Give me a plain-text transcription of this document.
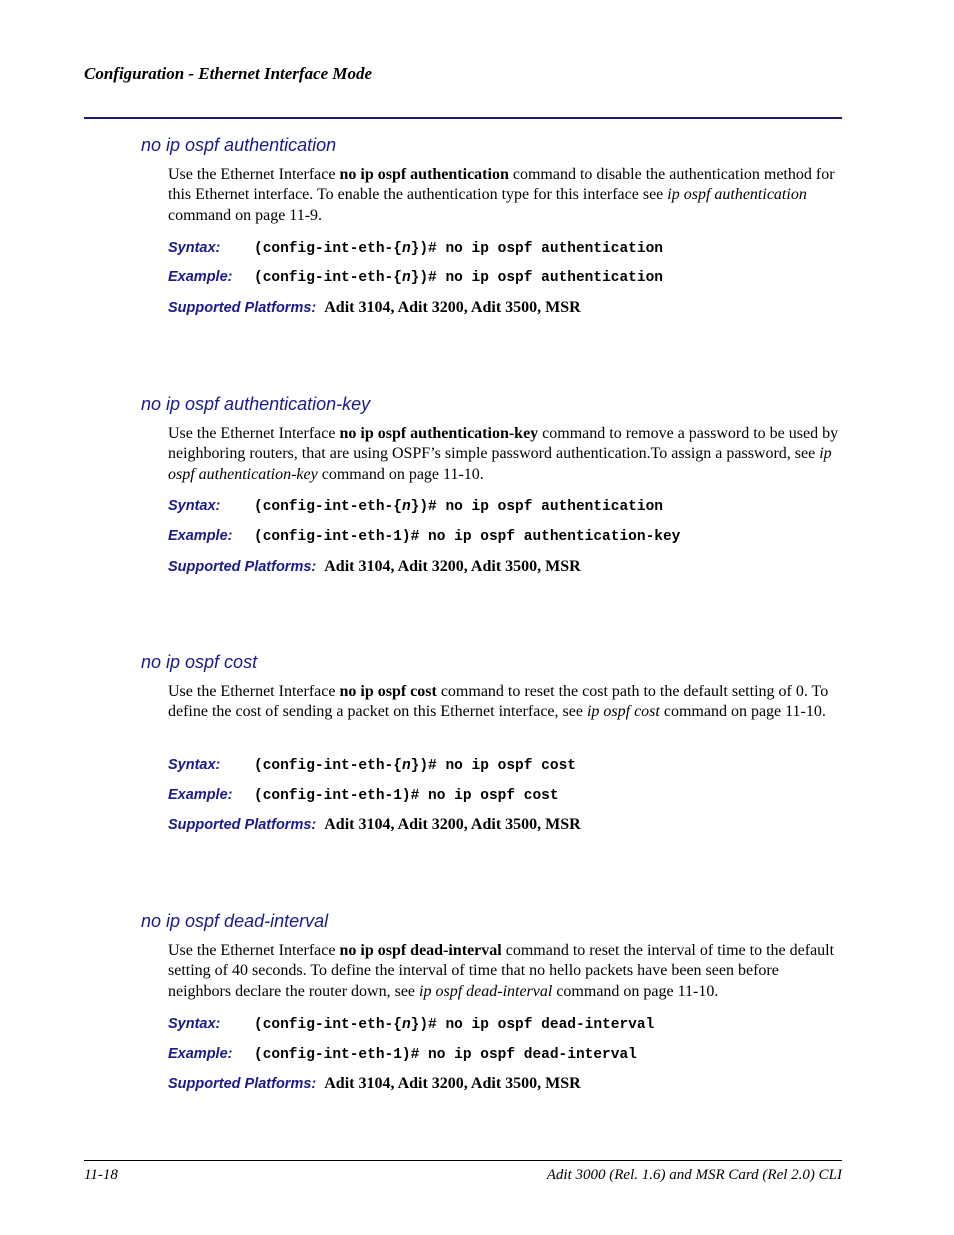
Configuration - Ethernet Interface Mode
no ip ospf authentication
Use the Ethernet Interface no ip ospf authentication command to disable the authentication method for this Ethernet interface. To enable the authentication type for this interface see ip ospf authentication command on page 11-9.
Syntax: (config-int-eth-{n})# no ip ospf authentication
Example: (config-int-eth-{n})# no ip ospf authentication
Supported Platforms: Adit 3104, Adit 3200, Adit 3500, MSR
no ip ospf authentication-key
Use the Ethernet Interface no ip ospf authentication-key command to remove a password to be used by neighboring routers, that are using OSPF’s simple password authentication.To assign a password, see ip ospf authentication-key command on page 11-10.
Syntax: (config-int-eth-{n})# no ip ospf authentication
Example: (config-int-eth-1)# no ip ospf authentication-key
Supported Platforms: Adit 3104, Adit 3200, Adit 3500, MSR
no ip ospf cost
Use the Ethernet Interface no ip ospf cost command to reset the cost path to the default setting of 0. To define the cost of sending a packet on this Ethernet interface, see ip ospf cost command on page 11-10.
Syntax: (config-int-eth-{n})# no ip ospf cost
Example: (config-int-eth-1)# no ip ospf cost
Supported Platforms: Adit 3104, Adit 3200, Adit 3500, MSR
no ip ospf dead-interval
Use the Ethernet Interface no ip ospf dead-interval command to reset the interval of time to the default setting of 40 seconds. To define the interval of time that no hello packets have been seen before neighbors declare the router down, see ip ospf dead-interval command on page 11-10.
Syntax: (config-int-eth-{n})# no ip ospf dead-interval
Example: (config-int-eth-1)# no ip ospf dead-interval
Supported Platforms: Adit 3104, Adit 3200, Adit 3500, MSR
11-18	Adit 3000 (Rel. 1.6) and MSR Card (Rel 2.0) CLI
